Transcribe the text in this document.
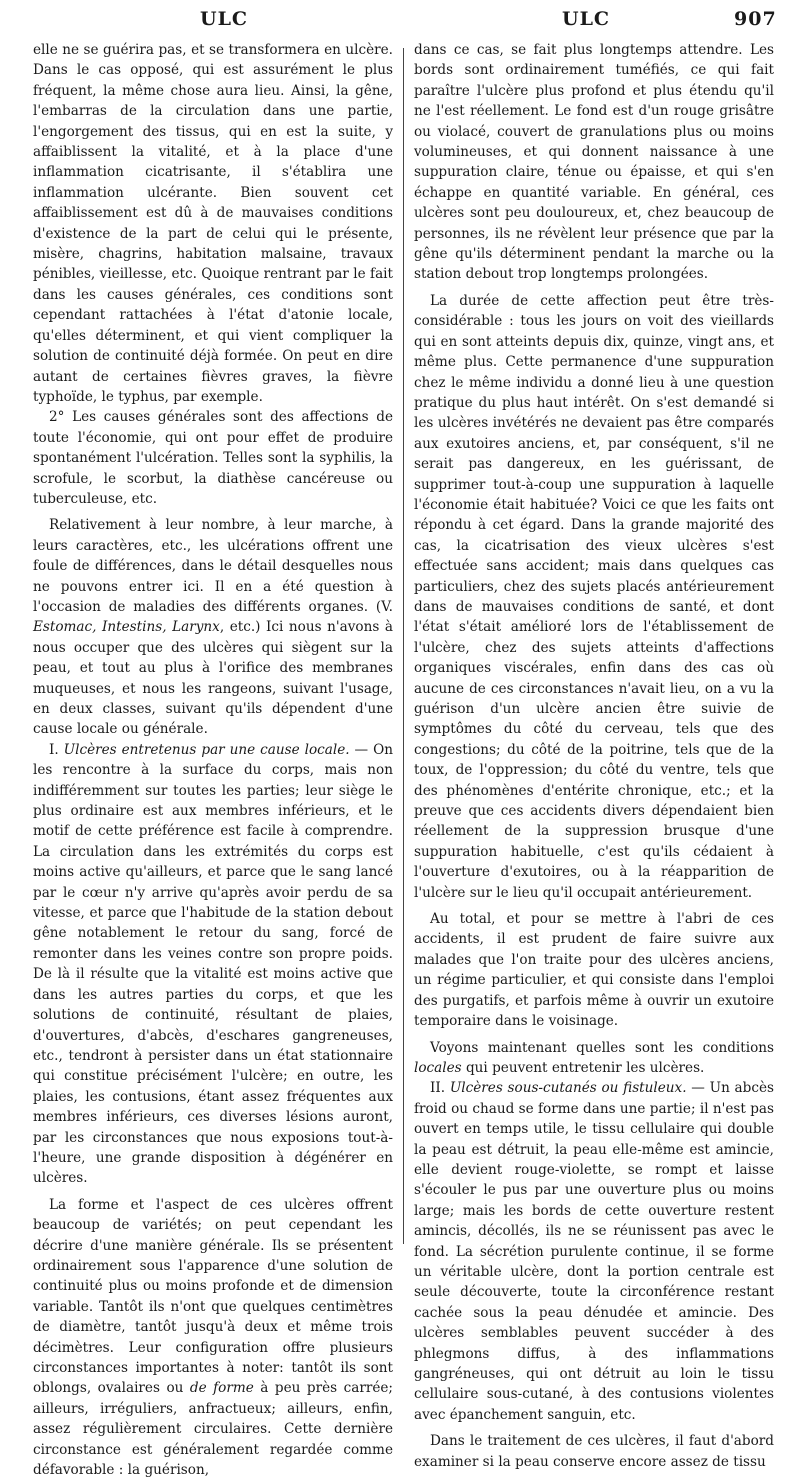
ULC	ULC	907

elle ne se guérira pas, et se transformera en ulcère. Dans le cas opposé, qui est assurément le plus fréquent, la même chose aura lieu. Ainsi, la gêne, l'embarras de la circulation dans une partie, l'engorgement des tissus, qui en est la suite, y affaiblissent la vitalité, et à la place d'une inflammation cicatrisante, il s'établira une inflammation ulcérante. Bien souvent cet affaiblissement est dû à de mauvaises conditions d'existence de la part de celui qui le présente, misère, chagrins, habitation malsaine, travaux pénibles, vieillesse, etc. Quoique rentrant par le fait dans les causes générales, ces conditions sont cependant rattachées à l'état d'atonie locale, qu'elles déterminent, et qui vient compliquer la solution de continuité déjà formée. On peut en dire autant de certaines fièvres graves, la fièvre typhoïde, le typhus, par exemple.

2° Les causes générales sont des affections de toute l'économie, qui ont pour effet de produire spontanément l'ulcération. Telles sont la syphilis, la scrofule, le scorbut, la diathèse cancéreuse ou tuberculeuse, etc.

Relativement à leur nombre, à leur marche, à leurs caractères, etc., les ulcérations offrent une foule de différences, dans le détail desquelles nous ne pouvons entrer ici. Il en a été question à l'occasion de maladies des différents organes. (V. Estomac, Intestins, Larynx, etc.) Ici nous n'avons à nous occuper que des ulcères qui siègent sur la peau, et tout au plus à l'orifice des membranes muqueuses, et nous les rangeons, suivant l'usage, en deux classes, suivant qu'ils dépendent d'une cause locale ou générale.

I. Ulcères entretenus par une cause locale. — On les rencontre à la surface du corps, mais non indifféremment sur toutes les parties; leur siège le plus ordinaire est aux membres inférieurs, et le motif de cette préférence est facile à comprendre. La circulation dans les extrémités du corps est moins active qu'ailleurs, et parce que le sang lancé par le cœur n'y arrive qu'après avoir perdu de sa vitesse, et parce que l'habitude de la station debout gêne notablement le retour du sang, forcé de remonter dans les veines contre son propre poids. De là il résulte que la vitalité est moins active que dans les autres parties du corps, et que les solutions de continuité, résultant de plaies, d'ouvertures, d'abcès, d'eschares gangreneuses, etc., tendront à persister dans un état stationnaire qui constitue précisément l'ulcère; en outre, les plaies, les contusions, étant assez fréquentes aux membres inférieurs, ces diverses lésions auront, par les circonstances que nous exposions tout-à-l'heure, une grande disposition à dégénérer en ulcères.

La forme et l'aspect de ces ulcères offrent beaucoup de variétés; on peut cependant les décrire d'une manière générale. Ils se présentent ordinairement sous l'apparence d'une solution de continuité plus ou moins profonde et de dimension variable. Tantôt ils n'ont que quelques centimètres de diamètre, tantôt jusqu'à deux et même trois décimètres. Leur configuration offre plusieurs circonstances importantes à noter: tantôt ils sont oblongs, ovalaires ou de forme à peu près carrée; ailleurs, irréguliers, anfractueux; ailleurs, enfin, assez régulièrement circulaires. Cette dernière circonstance est généralement regardée comme défavorable : la guérison,

dans ce cas, se fait plus longtemps attendre. Les bords sont ordinairement tuméfiés, ce qui fait paraître l'ulcère plus profond et plus étendu qu'il ne l'est réellement. Le fond est d'un rouge grisâtre ou violacé, couvert de granulations plus ou moins volumineuses, et qui donnent naissance à une suppuration claire, ténue ou épaisse, et qui s'en échappe en quantité variable. En général, ces ulcères sont peu douloureux, et, chez beaucoup de personnes, ils ne révèlent leur présence que par la gêne qu'ils déterminent pendant la marche ou la station debout trop longtemps prolongées.

La durée de cette affection peut être très-considérable : tous les jours on voit des vieillards qui en sont atteints depuis dix, quinze, vingt ans, et même plus. Cette permanence d'une suppuration chez le même individu a donné lieu à une question pratique du plus haut intérêt. On s'est demandé si les ulcères invétérés ne devaient pas être comparés aux exutoires anciens, et, par conséquent, s'il ne serait pas dangereux, en les guérissant, de supprimer tout-à-coup une suppuration à laquelle l'économie était habituée? Voici ce que les faits ont répondu à cet égard. Dans la grande majorité des cas, la cicatrisation des vieux ulcères s'est effectuée sans accident; mais dans quelques cas particuliers, chez des sujets placés antérieurement dans de mauvaises conditions de santé, et dont l'état s'était amélioré lors de l'établissement de l'ulcère, chez des sujets atteints d'affections organiques viscérales, enfin dans des cas où aucune de ces circonstances n'avait lieu, on a vu la guérison d'un ulcère ancien être suivie de symptômes du côté du cerveau, tels que des congestions; du côté de la poitrine, tels que de la toux, de l'oppression; du côté du ventre, tels que des phénomènes d'entérite chronique, etc.; et la preuve que ces accidents divers dépendaient bien réellement de la suppression brusque d'une suppuration habituelle, c'est qu'ils cédaient à l'ouverture d'exutoires, ou à la réapparition de l'ulcère sur le lieu qu'il occupait antérieurement.

Au total, et pour se mettre à l'abri de ces accidents, il est prudent de faire suivre aux malades que l'on traite pour des ulcères anciens, un régime particulier, et qui consiste dans l'emploi des purgatifs, et parfois même à ouvrir un exutoire temporaire dans le voisinage.

Voyons maintenant quelles sont les conditions locales qui peuvent entretenir les ulcères.

II. Ulcères sous-cutanés ou fistuleux. — Un abcès froid ou chaud se forme dans une partie; il n'est pas ouvert en temps utile, le tissu cellulaire qui double la peau est détruit, la peau elle-même est amincie, elle devient rouge-violette, se rompt et laisse s'écouler le pus par une ouverture plus ou moins large; mais les bords de cette ouverture restent amincis, décollés, ils ne se réunissent pas avec le fond. La sécrétion purulente continue, il se forme un véritable ulcère, dont la portion centrale est seule découverte, toute la circonférence restant cachée sous la peau dénudée et amincie. Des ulcères semblables peuvent succéder à des phlegmons diffus, à des inflammations gangréneuses, qui ont détruit au loin le tissu cellulaire sous-cutané, à des contusions violentes avec épanchement sanguin, etc.

Dans le traitement de ces ulcères, il faut d'abord examiner si la peau conserve encore assez de tissu
